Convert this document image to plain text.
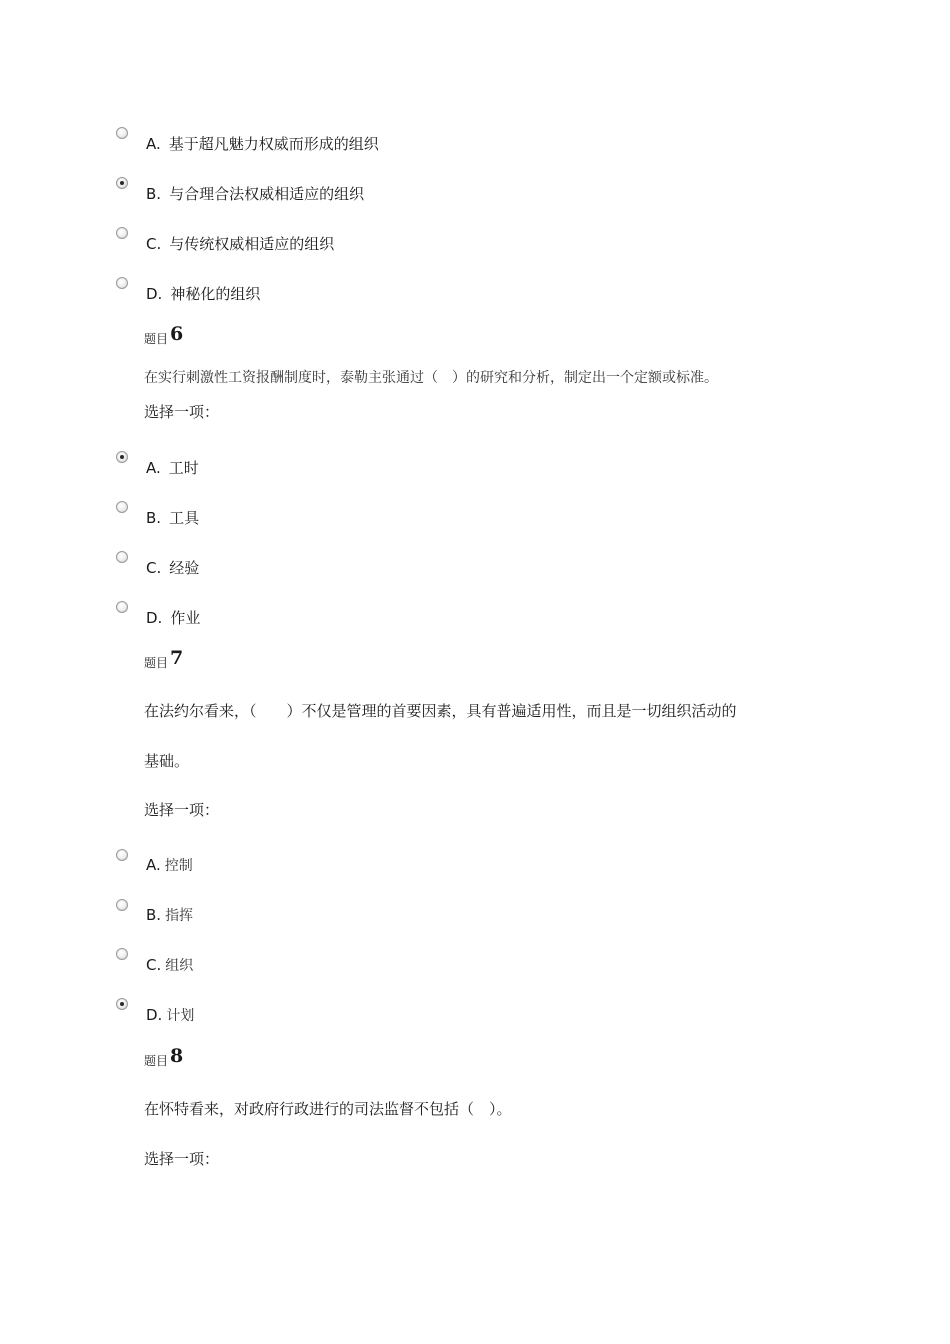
A. 基于超凡魅力权威而形成的组织
B. 与合理合法权威相适应的组织
C. 与传统权威相适应的组织
D. 神秘化的组织
题目 6
在实行刺激性工资报酬制度时，泰勒主张通过（　）的研究和分析，制定出一个定额或标准。
选择一项：
A. 工时
B. 工具
C. 经验
D. 作业
题目 7
在法约尔看来，（　　）不仅是管理的首要因素，具有普遍适用性，而且是一切组织活动的
基础。
选择一项：
A. 控制
B. 指挥
C. 组织
D. 计划
题目 8
在怀特看来，对政府行政进行的司法监督不包括（　）。
选择一项：
